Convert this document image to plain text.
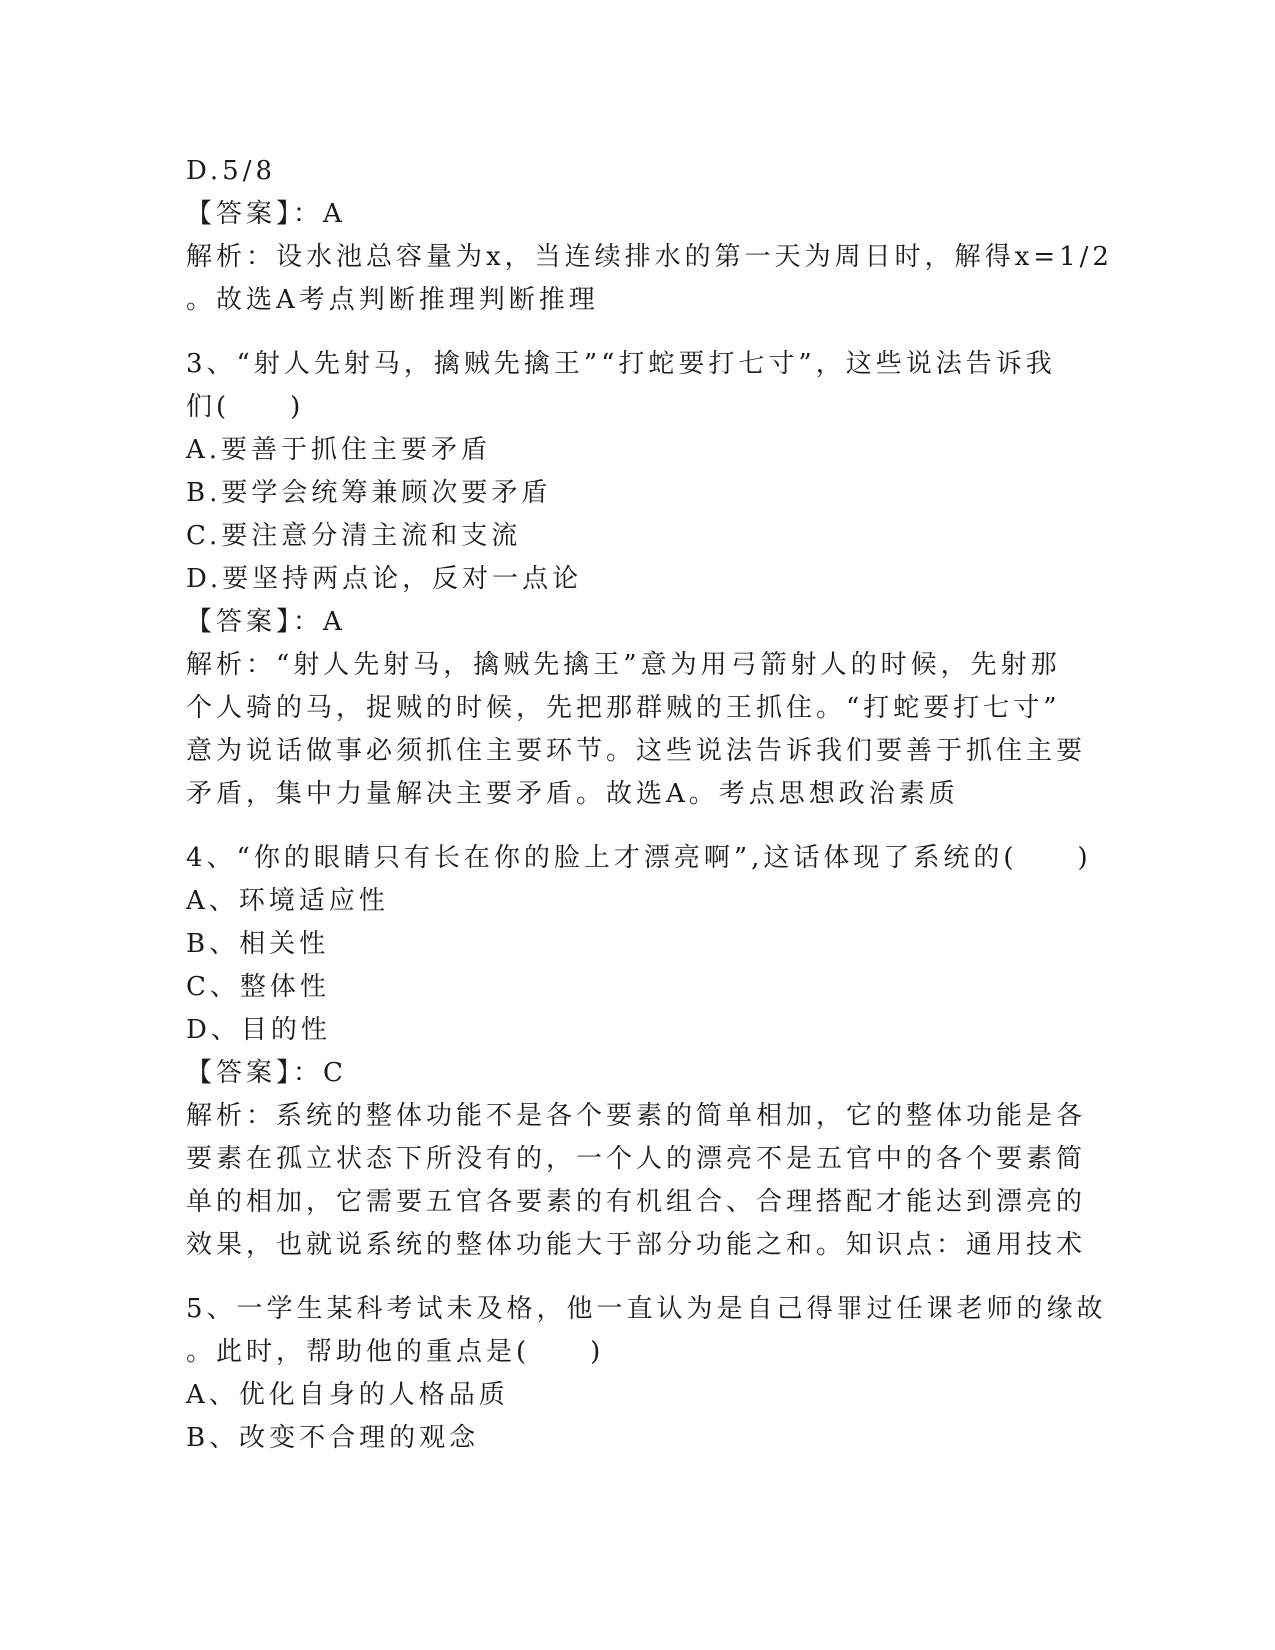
D.5/8
【答案】：A
解析：设水池总容量为x，当连续排水的第一天为周日时，解得x=1/2
。故选A考点判断推理判断推理
3、“射人先射马，擒贼先擒王”“打蛇要打七寸”，这些说法告诉我
们(　　)
A.要善于抓住主要矛盾
B.要学会统筹兼顾次要矛盾
C.要注意分清主流和支流
D.要坚持两点论，反对一点论
【答案】：A
解析：“射人先射马，擒贼先擒王”意为用弓箭射人的时候，先射那
个人骑的马，捉贼的时候，先把那群贼的王抓住。“打蛇要打七寸”
意为说话做事必须抓住主要环节。这些说法告诉我们要善于抓住主要
矛盾，集中力量解决主要矛盾。故选A。考点思想政治素质
4、“你的眼睛只有长在你的脸上才漂亮啊”,这话体现了系统的(　　)
A、环境适应性
B、相关性
C、整体性
D、目的性
【答案】：C
解析：系统的整体功能不是各个要素的简单相加，它的整体功能是各
要素在孤立状态下所没有的，一个人的漂亮不是五官中的各个要素简
单的相加，它需要五官各要素的有机组合、合理搭配才能达到漂亮的
效果，也就说系统的整体功能大于部分功能之和。知识点：通用技术
5、一学生某科考试未及格，他一直认为是自己得罪过任课老师的缘故
。此时，帮助他的重点是(　　)
A、优化自身的人格品质
B、改变不合理的观念
